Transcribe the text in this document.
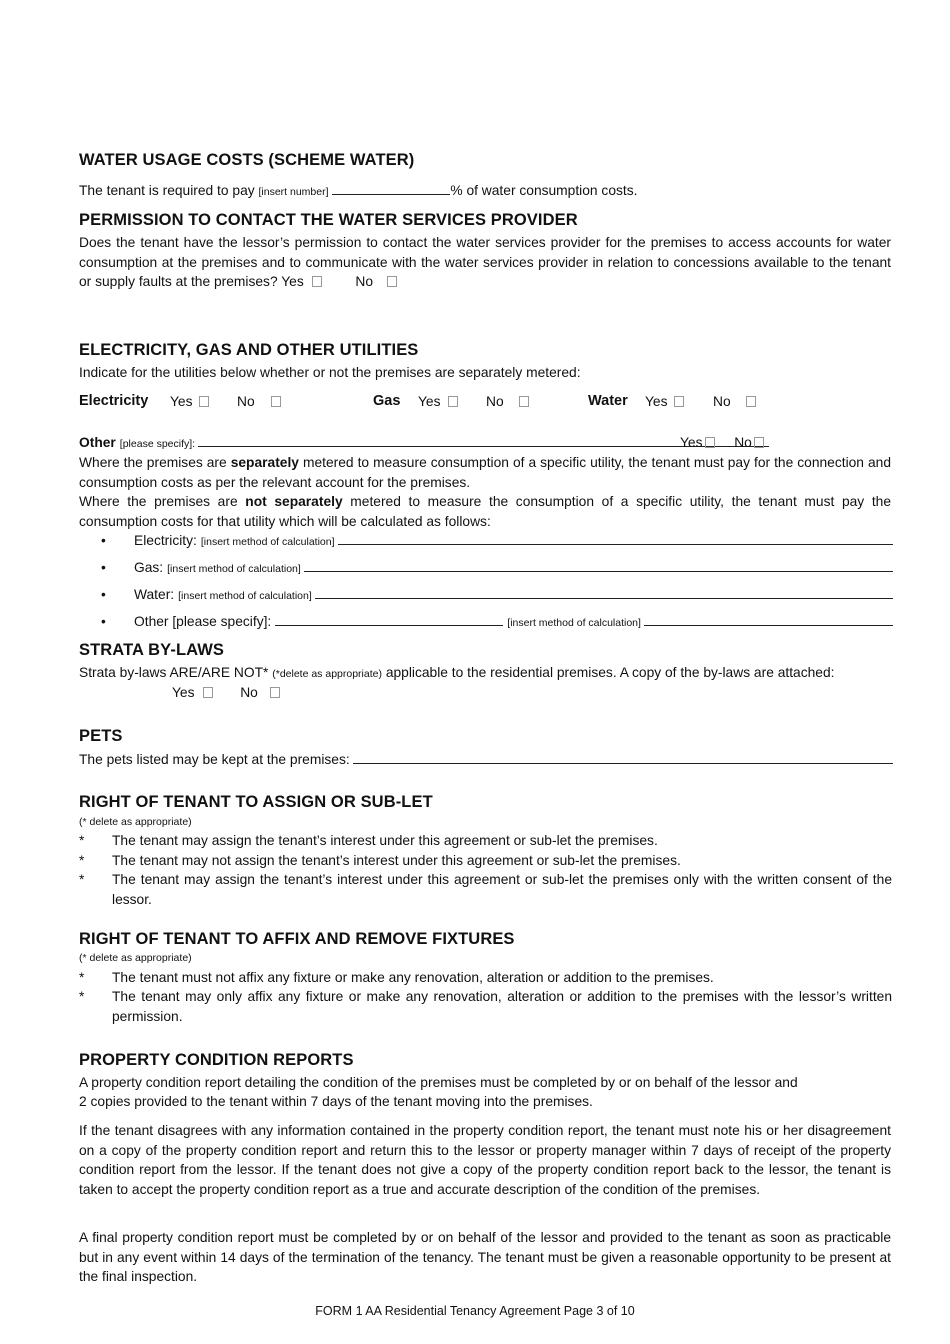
WATER USAGE COSTS (SCHEME WATER)
The tenant is required to pay [insert number]	% of water consumption costs.
PERMISSION TO CONTACT THE WATER SERVICES PROVIDER
Does the tenant have the lessor’s permission to contact the water services provider for the premises to access accounts for water consumption at the premises and to communicate with the water services provider in relation to concessions available to the tenant or supply faults at the premises? Yes	No
ELECTRICITY, GAS AND OTHER UTILITIES
Indicate for the utilities below whether or not the premises are separately metered:
Electricity Yes	No	Gas Yes	No	Water Yes	No
Other [please specify]:	Yes No
Where the premises are separately metered to measure consumption of a specific utility, the tenant must pay for the connection and consumption costs as per the relevant account for the premises.
Where the premises are not separately metered to measure the consumption of a specific utility, the tenant must pay the consumption costs for that utility which will be calculated as follows:
• Electricity: [insert method of calculation]
• Gas: [insert method of calculation]
• Water: [insert method of calculation]
• Other [please specify]:	[insert method of calculation]
STRATA BY-LAWS
Strata by-laws ARE/ARE NOT* (*delete as appropriate) applicable to the residential premises. A copy of the by-laws are attached:
Yes	No
PETS
The pets listed may be kept at the premises:
RIGHT OF TENANT TO ASSIGN OR SUB-LET
(* delete as appropriate)
* The tenant may assign the tenant’s interest under this agreement or sub-let the premises.
* The tenant may not assign the tenant’s interest under this agreement or sub-let the premises.
* The tenant may assign the tenant’s interest under this agreement or sub-let the premises only with the written consent of the lessor.
RIGHT OF TENANT TO AFFIX AND REMOVE FIXTURES
(* delete as appropriate)
* The tenant must not affix any fixture or make any renovation, alteration or addition to the premises.
* The tenant may only affix any fixture or make any renovation, alteration or addition to the premises with the lessor’s written permission.
PROPERTY CONDITION REPORTS
A property condition report detailing the condition of the premises must be completed by or on behalf of the lessor and
2 copies provided to the tenant within 7 days of the tenant moving into the premises.
If the tenant disagrees with any information contained in the property condition report, the tenant must note his or her disagreement on a copy of the property condition report and return this to the lessor or property manager within 7 days of receipt of the property condition report from the lessor. If the tenant does not give a copy of the property condition report back to the lessor, the tenant is taken to accept the property condition report as a true and accurate description of the condition of the premises.
A final property condition report must be completed by or on behalf of the lessor and provided to the tenant as soon as practicable but in any event within 14 days of the termination of the tenancy. The tenant must be given a reasonable opportunity to be present at the final inspection.
FORM 1 AA Residential Tenancy Agreement Page 3 of 10
